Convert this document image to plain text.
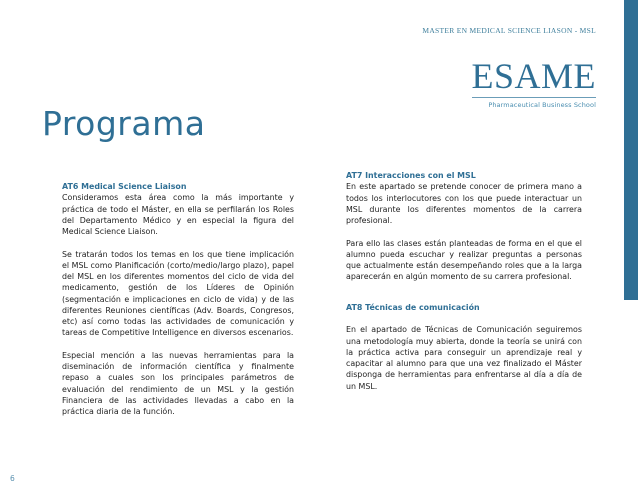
MASTER EN MEDICAL SCIENCE LIASON - MSL
ESAME
Pharmaceutical Business School
Programa
AT6 Medical Science Liaison

Consideramos esta área como la más importante y práctica de todo el Máster, en ella se perfilarán los Roles del Departamento Médico y en especial la figura del Medical Science Liaison.

Se tratarán todos los temas en los que tiene implicación el MSL como Planificación (corto/medio/largo plazo), papel del MSL en los diferentes momentos del ciclo de vida del medicamento, gestión de los Líderes de Opinión (segmentación e implicaciones en ciclo de vida) y de las diferentes Reuniones científicas (Adv. Boards, Congresos, etc) así como todas las actividades de comunicación y tareas de Competitive Intelligence en diversos escenarios.

Especial mención a las nuevas herramientas para la diseminación de información científica y finalmente repaso a cuales son los principales parámetros de evaluación del rendimiento de un MSL y la gestión Financiera de las actividades llevadas a cabo en la práctica diaria de la función.

AT7 Interacciones con el MSL

En este apartado se pretende conocer de primera mano a todos los interlocutores con los que puede interactuar un MSL durante los diferentes momentos de la carrera profesional.

Para ello las clases están planteadas de forma en el que el alumno pueda escuchar y realizar preguntas a personas que actualmente están desempeñando roles que a la larga aparecerán en algún momento de su carrera profesional.

AT8 Técnicas de comunicación

En el apartado de Técnicas de Comunicación seguiremos una metodología muy abierta, donde la teoría se unirá con la práctica activa para conseguir un aprendizaje real y capacitar al alumno para que una vez finalizado el Máster disponga de herramientas para enfrentarse al día a día de un MSL.

6
